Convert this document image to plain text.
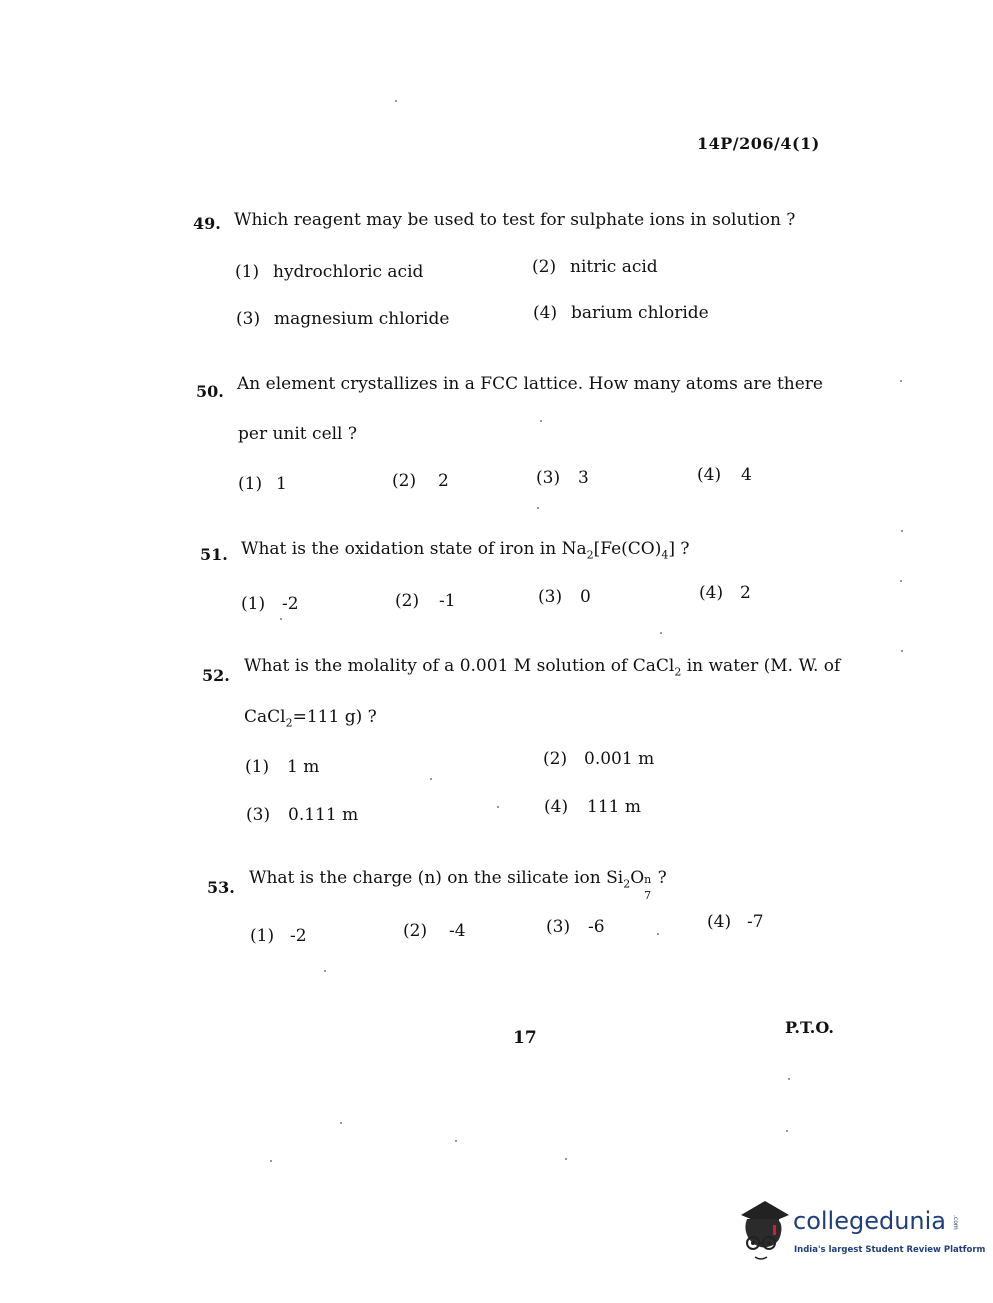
14P/206/4(1)
49. Which reagent may be used to test for sulphate ions in solution ?
(1) hydrochloric acid	(2) nitric acid
(3) magnesium chloride	(4) barium chloride
50. An element crystallizes in a FCC lattice. How many atoms are there
per unit cell ?
(1) 1	(2) 2	(3) 3	(4) 4
51. What is the oxidation state of iron in $Na_2[Fe(CO)_4]$ ?
(1) -2	(2) -1	(3) 0	(4) 2
52. What is the molality of a 0.001 M solution of CaCl$_2$ in water (M. W. of
CaCl$_2$=111 g) ?
(1) 1 m	(2) 0.001 m
(3) 0.111 m	(4) 111 m
53. What is the charge (n) on the silicate ion $Si_2O$ n
7
?
(1) -2	(2) -4	(3) -6	(4) -7
17
P.T.O.
collegedunia .com
India's largest Student Review Platform
